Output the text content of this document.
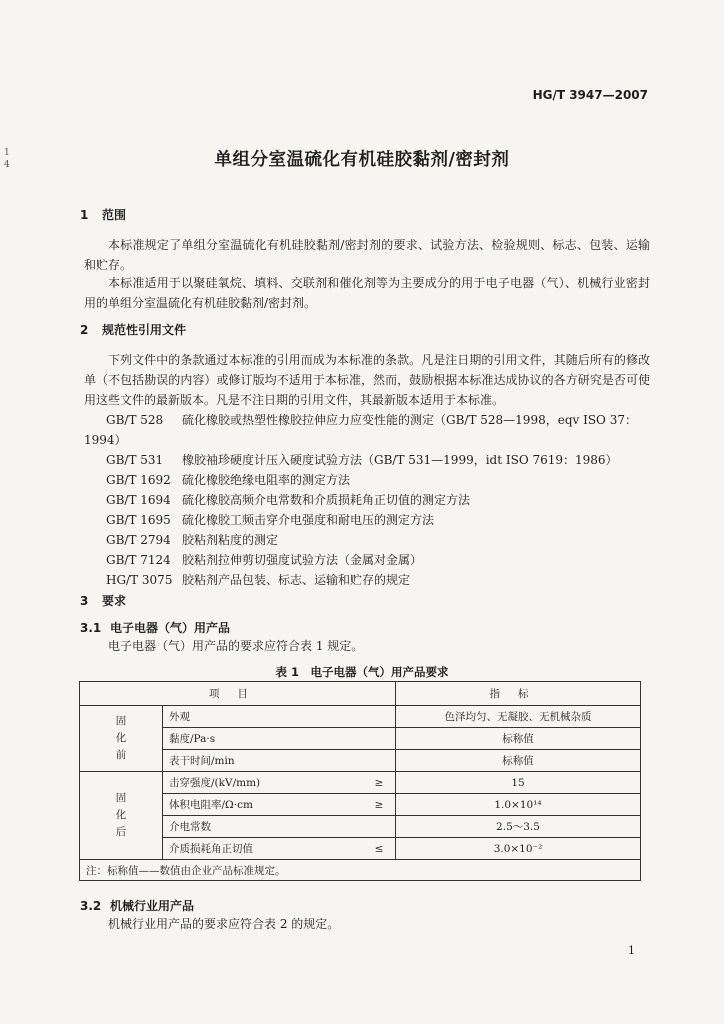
1
4
HG/T 3947—2007
单组分室温硫化有机硅胶黏剂/密封剂
1 范围
本标准规定了单组分室温硫化有机硅胶黏剂/密封剂的要求、试验方法、检验规则、标志、包装、运输和贮存。
本标准适用于以聚硅氧烷、填料、交联剂和催化剂等为主要成分的用于电子电器（气）、机械行业密封用的单组分室温硫化有机硅胶黏剂/密封剂。
2 规范性引用文件
下列文件中的条款通过本标准的引用而成为本标准的条款。凡是注日期的引用文件，其随后所有的修改单（不包括勘误的内容）或修订版均不适用于本标准，然而，鼓励根据本标准达成协议的各方研究是否可使用这些文件的最新版本。凡是不注日期的引用文件，其最新版本适用于本标准。
GB/T 528 硫化橡胶或热塑性橡胶拉伸应力应变性能的测定（GB/T 528—1998，eqv ISO 37：
1994）
GB/T 531 橡胶袖珍硬度计压入硬度试验方法（GB/T 531—1999，idt ISO 7619：1986）
GB/T 1692 硫化橡胶绝缘电阻率的测定方法
GB/T 1694 硫化橡胶高频介电常数和介质损耗角正切值的测定方法
GB/T 1695 硫化橡胶工频击穿介电强度和耐电压的测定方法
GB/T 2794 胶粘剂粘度的测定
GB/T 7124 胶粘剂拉伸剪切强度试验方法（金属对金属）
HG/T 3075 胶粘剂产品包装、标志、运输和贮存的规定
3 要求
3.1 电子电器（气）用产品
电子电器（气）用产品的要求应符合表 1 规定。
表 1　电子电器（气）用产品要求
项目			指标

固
化
前	外观		色泽均匀、无凝胶、无机械杂质
	黏度/Pa·s		标称值
	表干时间/min		标称值

固
化
后	击穿强度/(kV/mm)	≥	15
	体积电阻率/Ω·cm	≥	1.0×10¹⁴
	介电常数		2.5～3.5
	介质损耗角正切值	≤	3.0×10⁻²
注：标称值——数值由企业产品标准规定。			
3.2 机械行业用产品
机械行业用产品的要求应符合表 2 的规定。
1
